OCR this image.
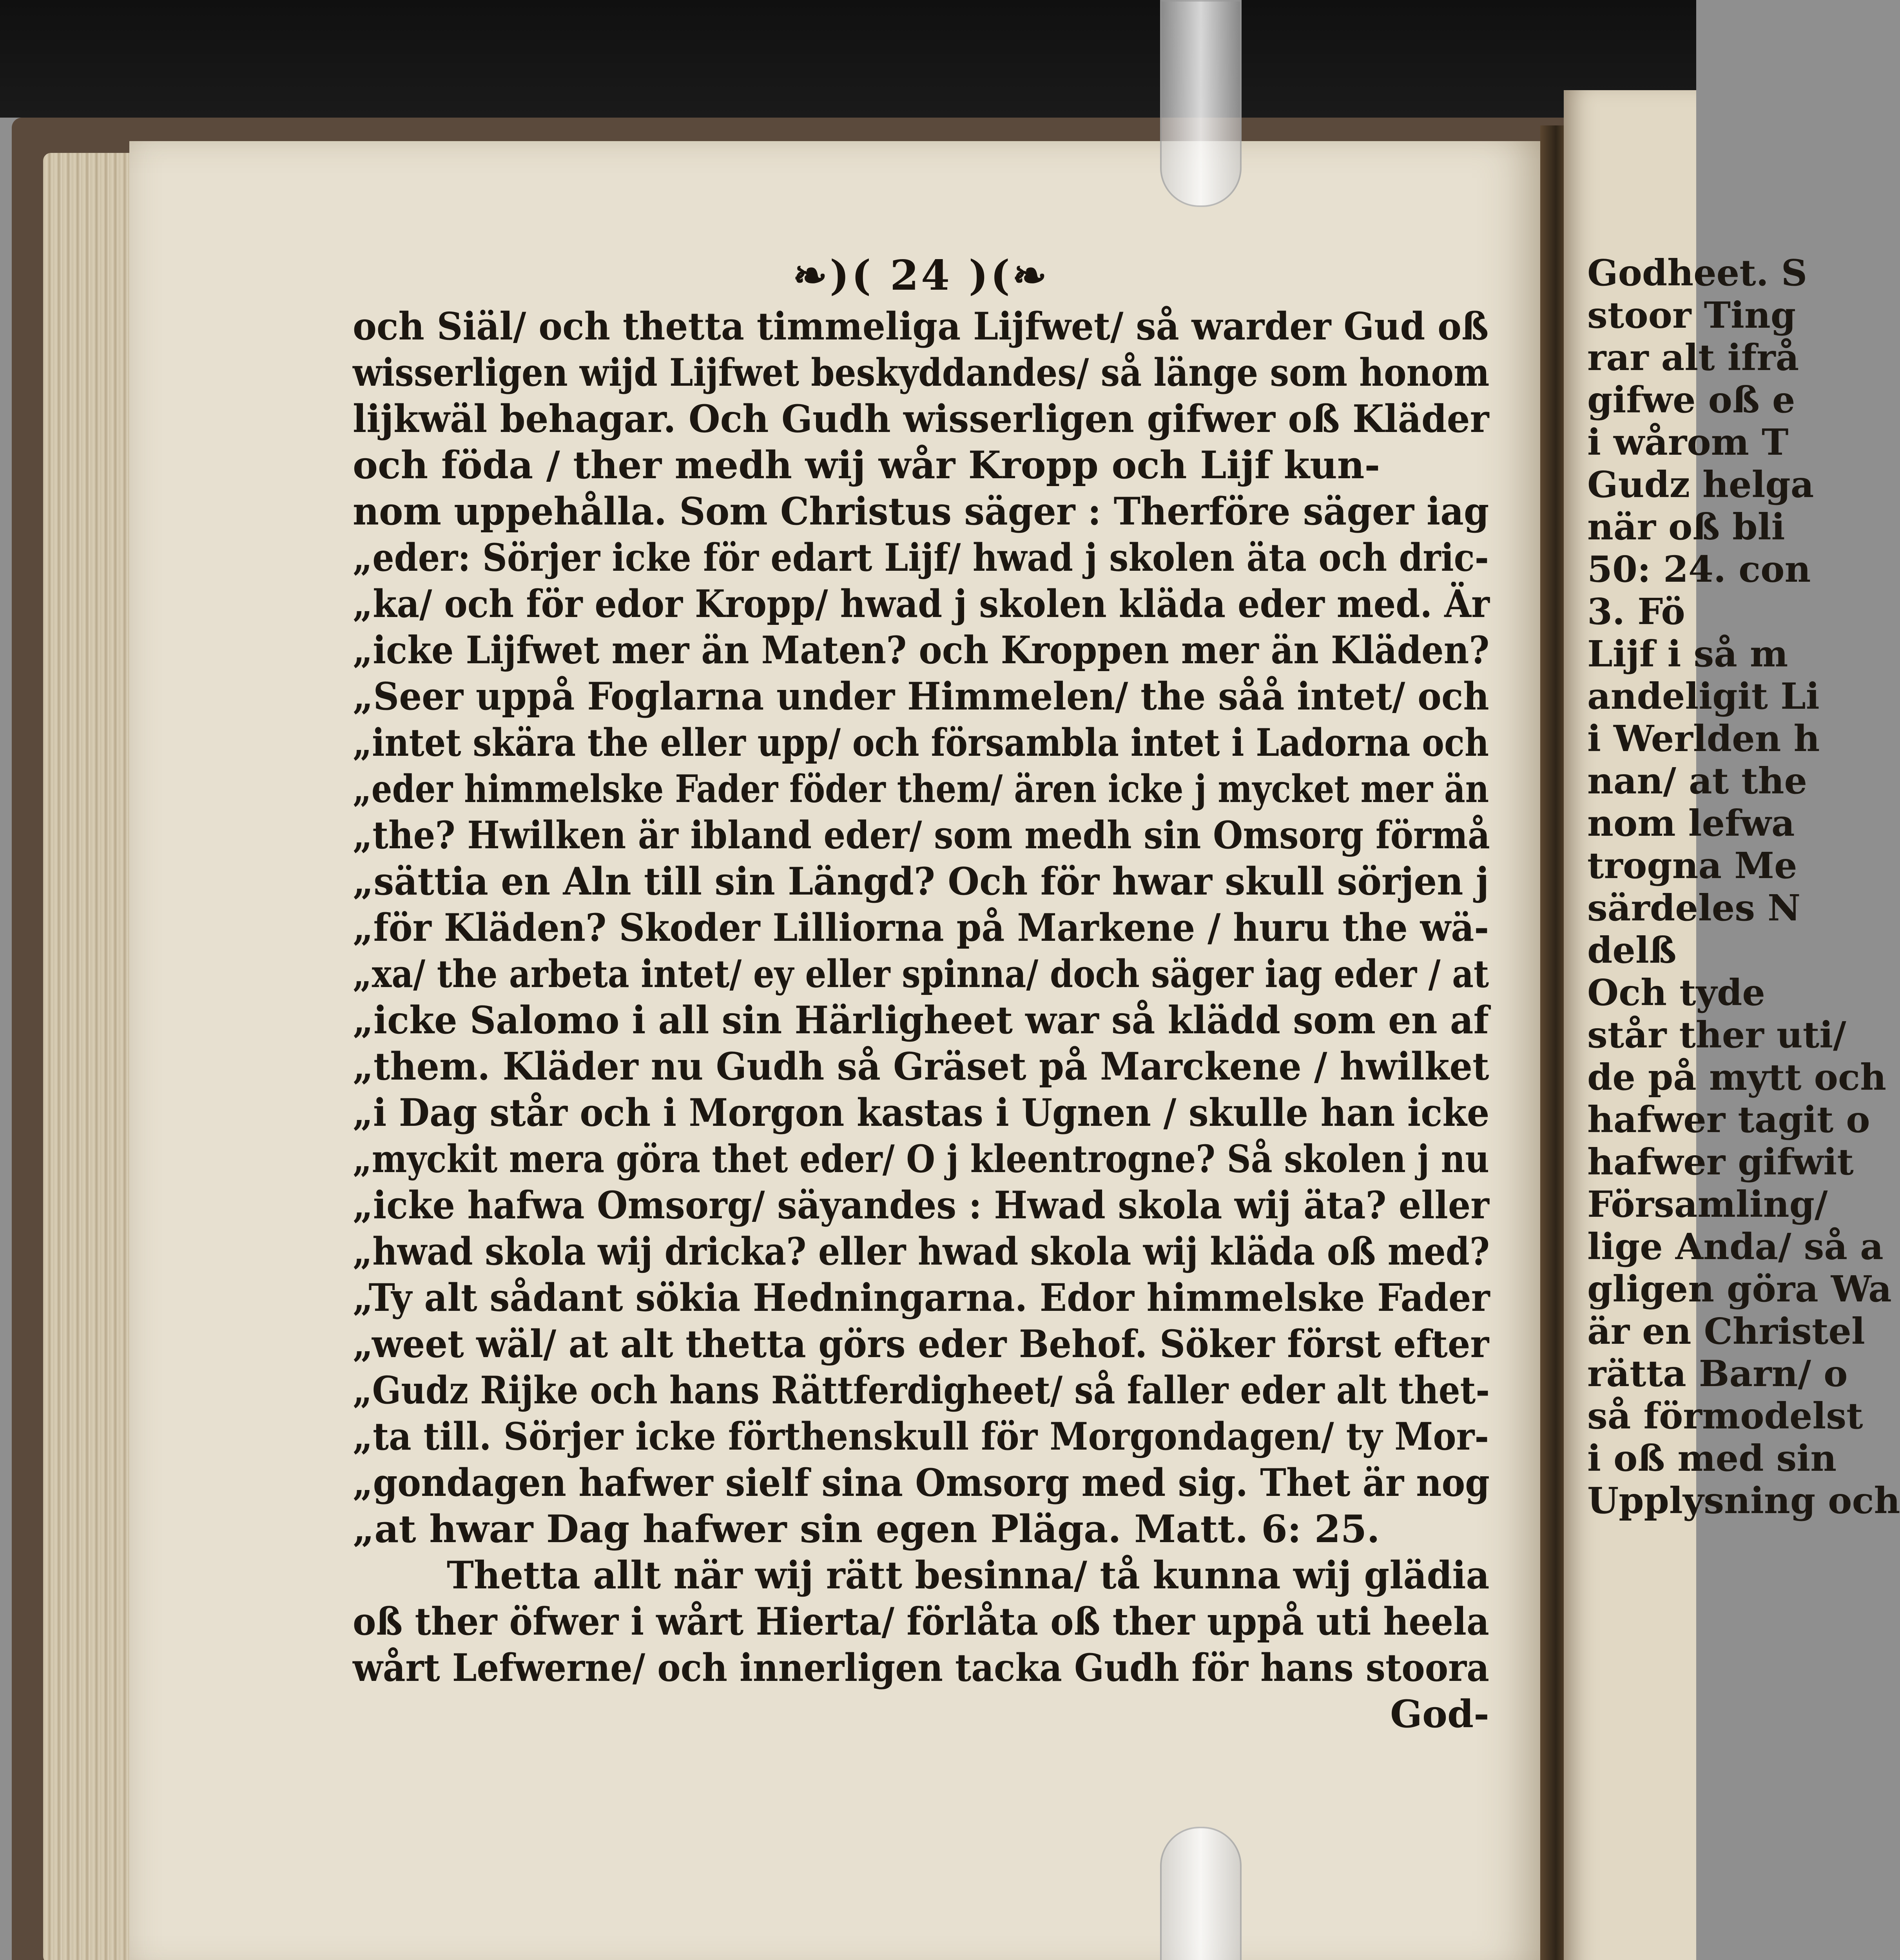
❧)( 24 )(❧
och Siäl/ och thetta timmeliga Lijfwet/ så warder Gud oß
wisserligen wijd Lijfwet beskyddandes/ så länge som honom
lijkwäl behagar. Och Gudh wisserligen gifwer oß Kläder
och föda / ther medh wij wår Kropp och Lijf kun-
nom uppehålla. Som Christus säger : Therföre säger iag
„eder: Sörjer icke för edart Lijf/ hwad j skolen äta och dric-
„ka/ och för edor Kropp/ hwad j skolen kläda eder med. Är
„icke Lijfwet mer än Maten? och Kroppen mer än Kläden?
„Seer uppå Foglarna under Himmelen/ the såå intet/ och
„intet skära the eller upp/ och försambla intet i Ladorna och
„eder himmelske Fader föder them/ ären icke j mycket mer än
„the? Hwilken är ibland eder/ som medh sin Omsorg förmå
„sättia en Aln till sin Längd? Och för hwar skull sörjen j
„för Kläden? Skoder Lilliorna på Markene / huru the wä-
„xa/ the arbeta intet/ ey eller spinna/ doch säger iag eder / at
„icke Salomo i all sin Härligheet war så klädd som en af
„them. Kläder nu Gudh så Gräset på Marckene / hwilket
„i Dag står och i Morgon kastas i Ugnen / skulle han icke
„myckit mera göra thet eder/ O j kleentrogne? Så skolen j nu
„icke hafwa Omsorg/ säyandes : Hwad skola wij äta? eller
„hwad skola wij dricka? eller hwad skola wij kläda oß med?
„Ty alt sådant sökia Hedningarna. Edor himmelske Fader
„weet wäl/ at alt thetta görs eder Behof. Söker först efter
„Gudz Rijke och hans Rättferdigheet/ så faller eder alt thet-
„ta till. Sörjer icke förthenskull för Morgondagen/ ty Mor-
„gondagen hafwer sielf sina Omsorg med sig. Thet är nog
„at hwar Dag hafwer sin egen Pläga. Matt. 6: 25.
Thetta allt när wij rätt besinna/ tå kunna wij glädia
oß ther öfwer i wårt Hierta/ förlåta oß ther uppå uti heela
wårt Lefwerne/ och innerligen tacka Gudh för hans stoora
God-
Godheet. S
stoor Ting
rar alt ifrå
gifwe oß e
i wårom T
Gudz helga
när oß bli
50: 24. con
3. Fö
Lijf i så m
andeligit Li
i Werlden h
nan/ at the
nom lefwa
trogna Me
särdeles N
delß
Och tyde
står ther uti/
de på mytt och
hafwer tagit o
hafwer gifwit
Församling/
lige Anda/ så a
gligen göra Wa
är en Christel
rätta Barn/ o
så förmodelst
i oß med sin
Upplysning och
